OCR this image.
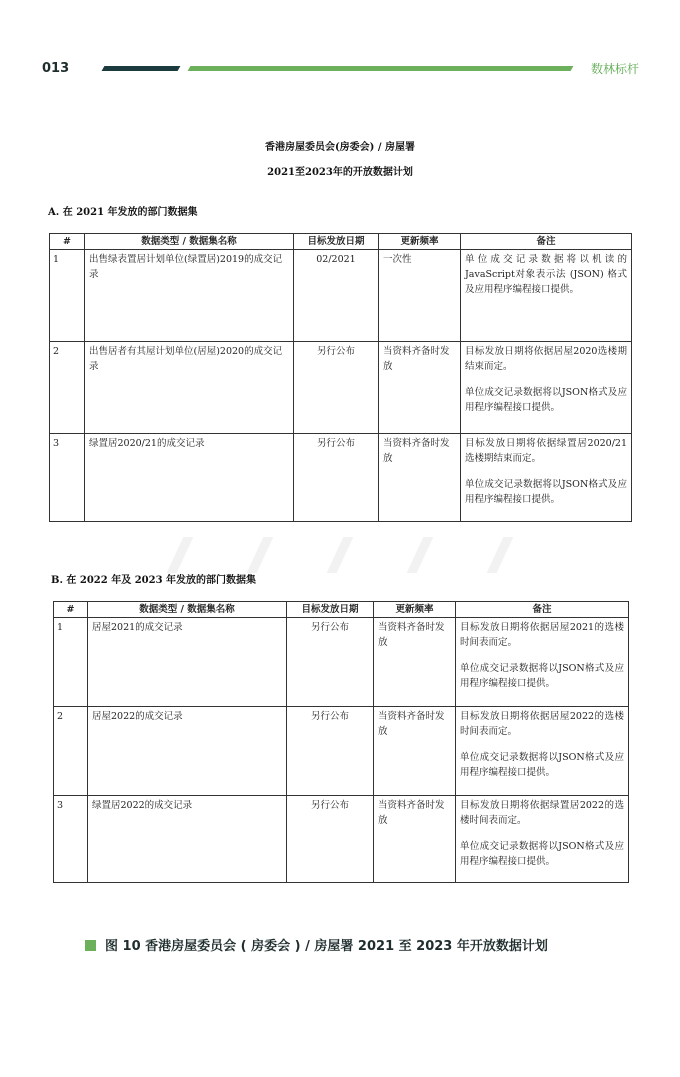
013	数林标杆
香港房屋委员会(房委会) / 房屋署
2021至2023年的开放数据计划
A. 在 2021 年发放的部门数据集
#	数据类型 / 数据集名称	目标发放日期	更新频率	备注
1	出售绿表置居计划单位(绿置居)2019的成交记录	02/2021	一次性	单位成交记录数据将以机读的JavaScript对象表示法 (JSON) 格式及应用程序编程接口提供。

2	出售居者有其屋计划单位(居屋)2020的成交记录	另行公布	当资料齐备时发放	目标发放日期将依据居屋2020选楼期结束而定。
单位成交记录数据将以JSON格式及应用程序编程接口提供。

3	绿置居2020/21的成交记录	另行公布	当资料齐备时发放	目标发放日期将依据绿置居2020/21选楼期结束而定。
单位成交记录数据将以JSON格式及应用程序编程接口提供。
B. 在 2022 年及 2023 年发放的部门数据集
#	数据类型 / 数据集名称	目标发放日期	更新频率	备注
1	居屋2021的成交记录	另行公布	当资料齐备时发放	目标发放日期将依据居屋2021的选楼时间表而定。
单位成交记录数据将以JSON格式及应用程序编程接口提供。

2	居屋2022的成交记录	另行公布	当资料齐备时发放	目标发放日期将依据居屋2022的选楼时间表而定。
单位成交记录数据将以JSON格式及应用程序编程接口提供。

3	绿置居2022的成交记录	另行公布	当资料齐备时发放	目标发放日期将依据绿置居2022的选楼时间表而定。
单位成交记录数据将以JSON格式及应用程序编程接口提供。
图 10 香港房屋委员会 ( 房委会 ) / 房屋署 2021 至 2023 年开放数据计划
